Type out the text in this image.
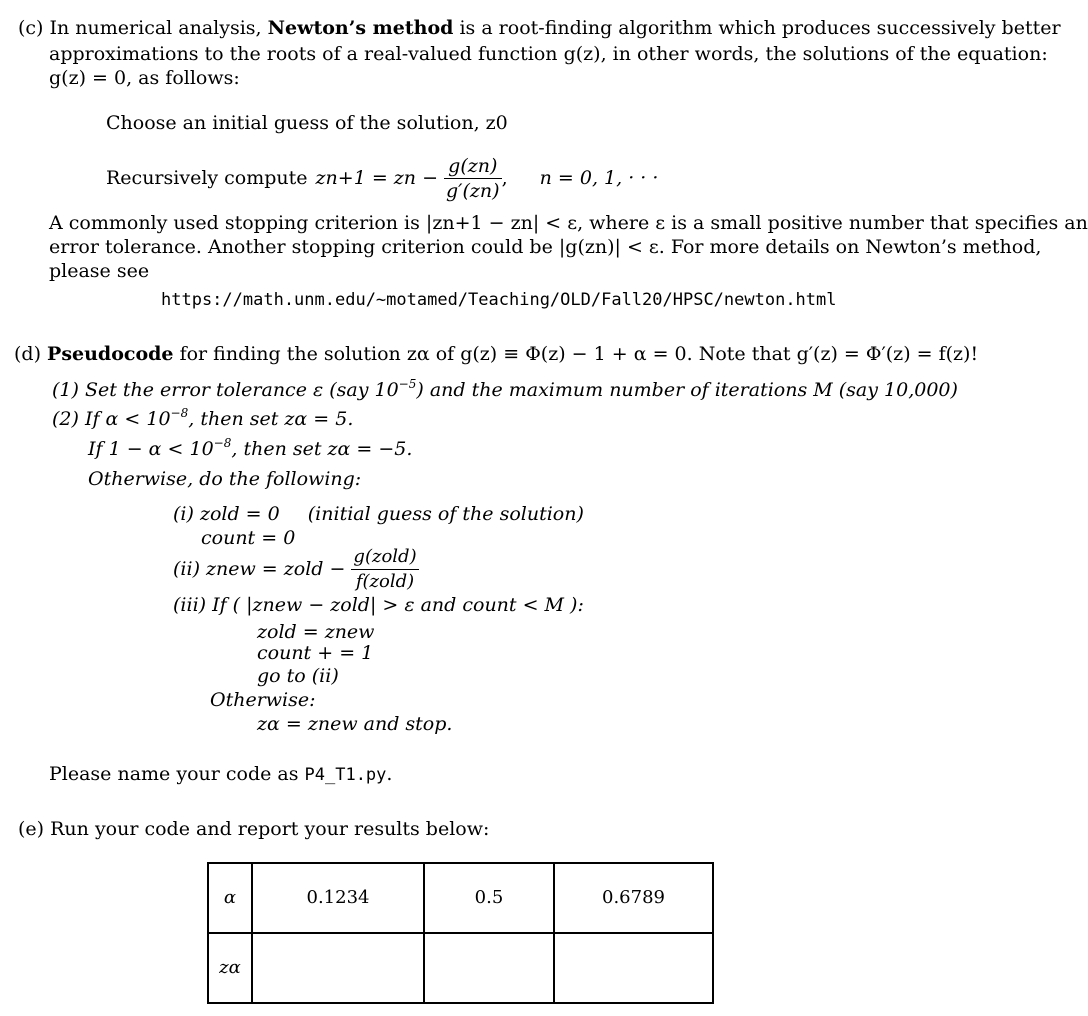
(c) In numerical analysis, Newton’s method is a root-finding algorithm which produces successively better
approximations to the roots of a real-valued function g(z), in other words, the solutions of the equation:
g(z) = 0, as follows:
Choose an initial guess of the solution, z0
Recursively compute zn+1 = zn − $\frac{g(zn)}{g'(zn)}$ , n = 0, 1, · · ·
A commonly used stopping criterion is |zn+1 − zn| < ε, where ε is a small positive number that specifies an
error tolerance. Another stopping criterion could be |g(zn)| < ε. For more details on Newton’s method,
please see
https://math.unm.edu/~motamed/Teaching/OLD/Fall20/HPSC/newton.html
(d) Pseudocode for finding the solution zα of g(z) ≡ Φ(z) − 1 + α = 0. Note that g′(z) = Φ′(z) = f(z)!
(1) Set the error tolerance ε (say $10^{-5}$) and the maximum number of iterations M (say 10,000)
(2) If $\alpha < 10^{-8}$, then set zα = 5.
If $1 - \alpha < 10^{-8}$, then set zα = −5.
Otherwise, do the following:
(i) zold = 0 (initial guess of the solution)
count = 0
(ii) znew = zold − $\frac{\text{g(zold)}}{\text{f(zold)}}$
(iii) If ( |znew − zold| > ε and count < M ):
zold = znew
count + = 1
go to (ii)
Otherwise:
zα = znew and stop.
Please name your code as P4_T1.py.
(e) Run your code and report your results below:
α	0.1234	0.5	0.6789
zα			
